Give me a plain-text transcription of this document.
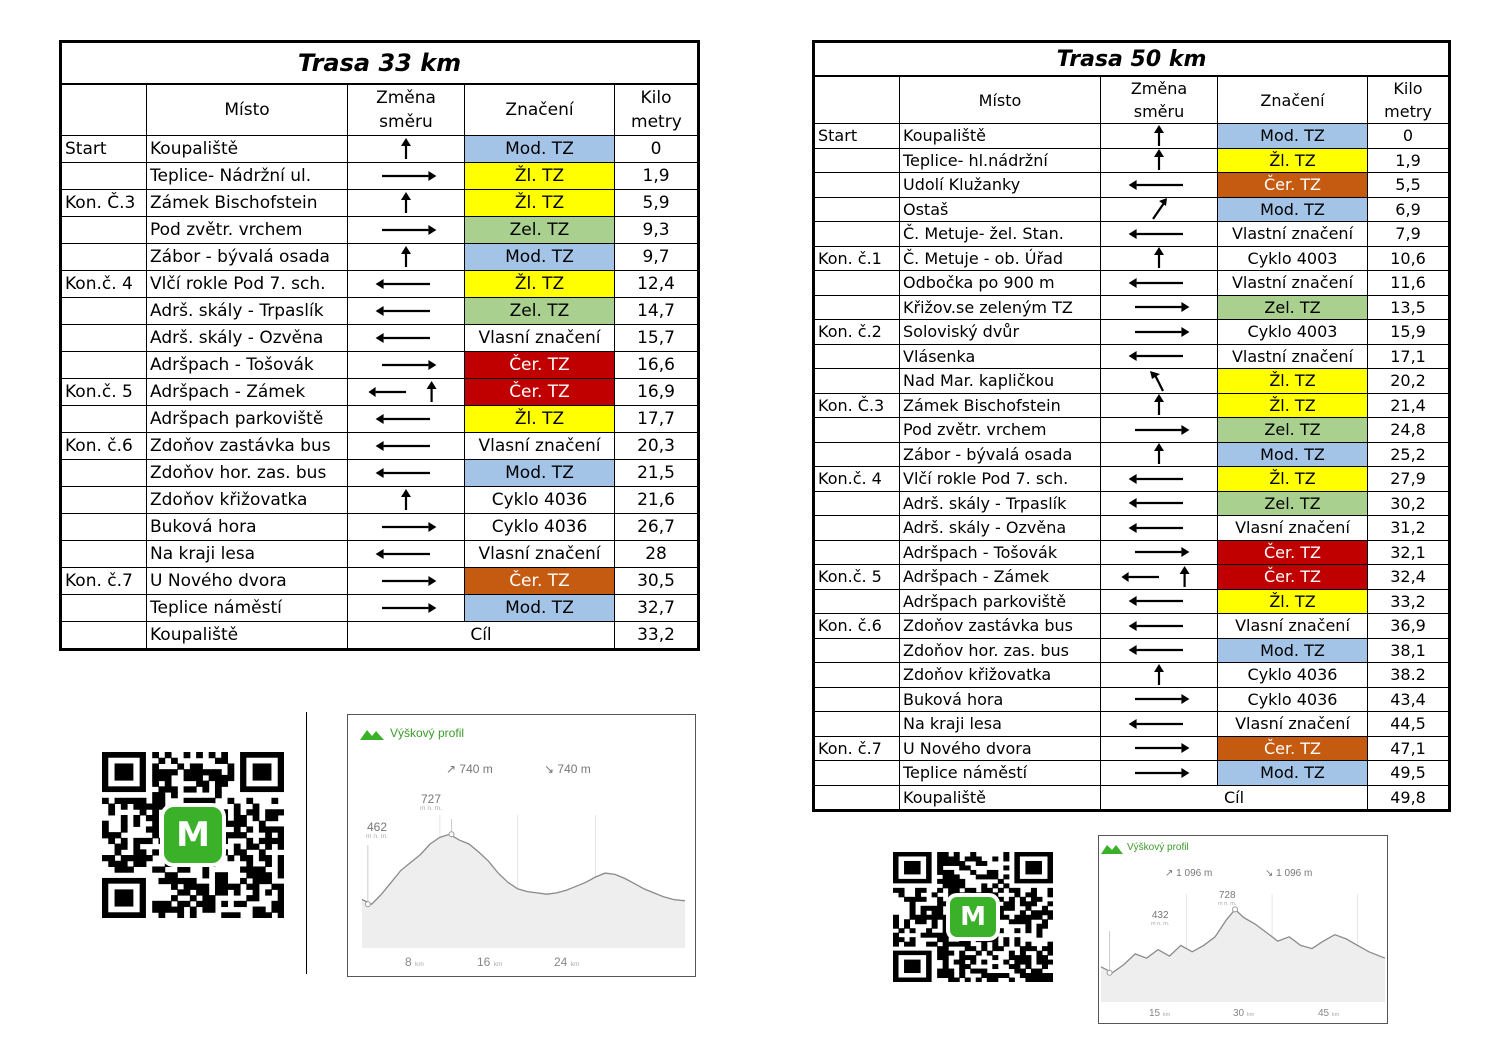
Trasa 33 km				
	Místo	Změna směru	Značení	Kilo metry
Start	Koupaliště		Mod. TZ	0
	Teplice- Nádržní ul.		Žl. TZ	1,9
Kon. Č.3	Zámek Bischofstein		Žl. TZ	5,9
	Pod zvětr. vrchem		Zel. TZ	9,3
	Zábor - bývalá osada		Mod. TZ	9,7
Kon.č. 4	Vlčí rokle Pod 7. sch.		Žl. TZ	12,4
	Adrš. skály - Trpaslík		Zel. TZ	14,7
	Adrš. skály - Ozvěna		Vlasní značení	15,7
	Adršpach - Tošovák		Čer. TZ	16,6
Kon.č. 5	Adršpach - Zámek		Čer. TZ	16,9
	Adršpach parkoviště		Žl. TZ	17,7
Kon. č.6	Zdoňov zastávka bus		Vlasní značení	20,3
	Zdoňov hor. zas. bus		Mod. TZ	21,5
	Zdoňov křižovatka		Cyklo 4036	21,6
	Buková hora		Cyklo 4036	26,7
	Na kraji lesa		Vlasní značení	28
Kon. č.7	U Nového dvora		Čer. TZ	30,5
	Teplice náměstí		Mod. TZ	32,7
	Koupaliště	Cíl		33,2
Trasa 50 km				
	Místo	Změna směru	Značení	Kilo metry
Start	Koupaliště		Mod. TZ	0
	Teplice- hl.nádržní		Žl. TZ	1,9
	Udolí Klužanky		Čer. TZ	5,5
	Ostaš		Mod. TZ	6,9
	Č. Metuje- žel. Stan.		Vlastní značení	7,9
Kon. č.1	Č. Metuje - ob. Úřad		Cyklo 4003	10,6
	Odbočka po 900 m		Vlastní značení	11,6
	Křižov.se zeleným TZ		Zel. TZ	13,5
Kon. č.2	Soloviský dvůr		Cyklo 4003	15,9
	Vlásenka		Vlastní značení	17,1
	Nad Mar. kapličkou		Žl. TZ	20,2
Kon. Č.3	Zámek Bischofstein		Žl. TZ	21,4
	Pod zvětr. vrchem		Zel. TZ	24,8
	Zábor - bývalá osada		Mod. TZ	25,2
Kon.č. 4	Vlčí rokle Pod 7. sch.		Žl. TZ	27,9
	Adrš. skály - Trpaslík		Zel. TZ	30,2
	Adrš. skály - Ozvěna		Vlasní značení	31,2
	Adršpach - Tošovák		Čer. TZ	32,1
Kon.č. 5	Adršpach - Zámek		Čer. TZ	32,4
	Adršpach parkoviště		Žl. TZ	33,2
Kon. č.6	Zdoňov zastávka bus		Vlasní značení	36,9
	Zdoňov hor. zas. bus		Mod. TZ	38,1
	Zdoňov křižovatka		Cyklo 4036	38.2
	Buková hora		Cyklo 4036	43,4
	Na kraji lesa		Vlasní značení	44,5
Kon. č.7	U Nového dvora		Čer. TZ	47,1
	Teplice náměstí		Mod. TZ	49,5
	Koupaliště	Cíl		49,8
M
M
Výškový profil
↗ 740 m	↘ 740 m
462
m n. m.
727
m n. m.
8 km	16 km	24 km
Výškový profil
↗ 1 096 m	↘ 1 096 m
432
m n. m.
728
m n. m.
15 km	30 km	45 km
